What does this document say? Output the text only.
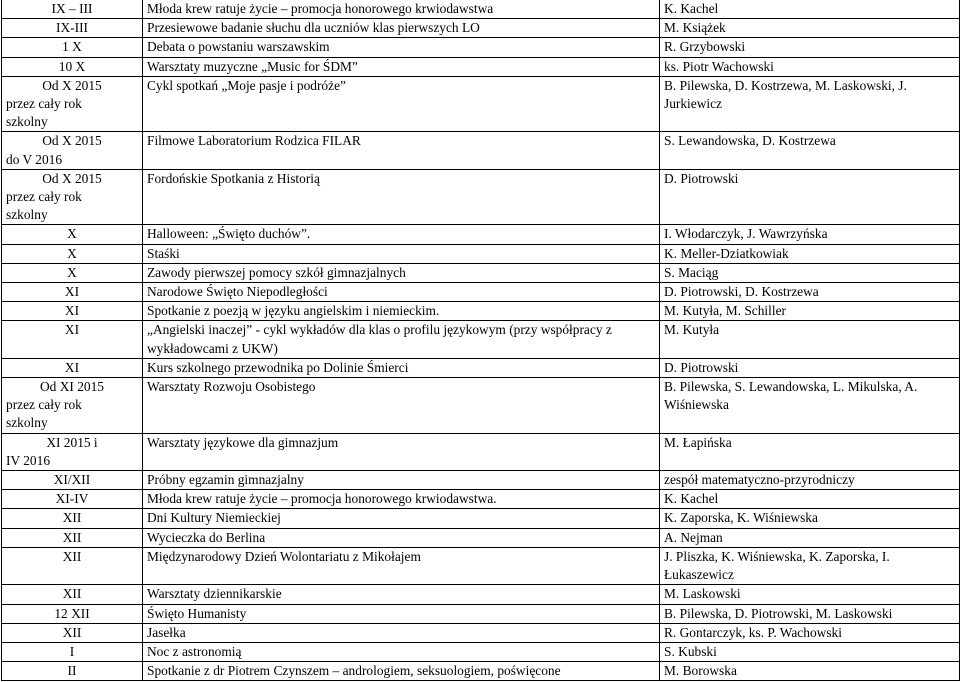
IX – III	Młoda krew ratuje życie – promocja honorowego krwiodawstwa	K. Kachel

IX-III	Przesiewowe badanie słuchu dla uczniów klas pierwszych LO	M. Książek

1 X	Debata o powstaniu warszawskim	R. Grzybowski

10 X	Warsztaty muzyczne „Music for ŚDM”	ks. Piotr Wachowski

Od X 2015
przez cały rok
szkolny	Cykl spotkań „Moje pasje i podróże”	B. Pilewska, D. Kostrzewa, M. Laskowski, J. Jurkiewicz

Od X 2015
do V 2016	Filmowe Laboratorium Rodzica FILAR	S. Lewandowska, D. Kostrzewa

Od X 2015
przez cały rok
szkolny	Fordońskie Spotkania z Historią	D. Piotrowski

X	Halloween: „Święto duchów”.	I. Włodarczyk, J. Wawrzyńska

X	Staśki	K. Meller-Dziatkowiak

X	Zawody pierwszej pomocy szkół gimnazjalnych	S. Maciąg

XI	Narodowe Święto Niepodległości	D. Piotrowski, D. Kostrzewa

XI	Spotkanie z poezją w języku angielskim i niemieckim.	M. Kutyła, M. Schiller

XI	„Angielski inaczej” - cykl wykładów dla klas o profilu językowym (przy współpracy z wykładowcami z UKW)	M. Kutyła

XI	Kurs szkolnego przewodnika po Dolinie Śmierci	D. Piotrowski

Od XI 2015
przez cały rok
szkolny	Warsztaty Rozwoju Osobistego	B. Pilewska, S. Lewandowska, L. Mikulska, A. Wiśniewska

XI 2015 i
IV 2016	Warsztaty językowe dla gimnazjum	M. Łapińska

XI/XII	Próbny egzamin gimnazjalny	zespół matematyczno-przyrodniczy

XI-IV	Młoda krew ratuje życie – promocja honorowego krwiodawstwa.	K. Kachel

XII	Dni Kultury Niemieckiej	K. Zaporska, K. Wiśniewska

XII	Wycieczka do Berlina	A. Nejman

XII	Międzynarodowy Dzień Wolontariatu z Mikołajem	J. Pliszka, K. Wiśniewska, K. Zaporska, I. Łukaszewicz

XII	Warsztaty dziennikarskie	M. Laskowski

12 XII	Święto Humanisty	B. Pilewska, D. Piotrowski, M. Laskowski

XII	Jasełka	R. Gontarczyk, ks. P. Wachowski

I	Noc z astronomią	S. Kubski

II	Spotkanie z dr Piotrem Czynszem – andrologiem, seksuologiem, poświęcone	M. Borowska
